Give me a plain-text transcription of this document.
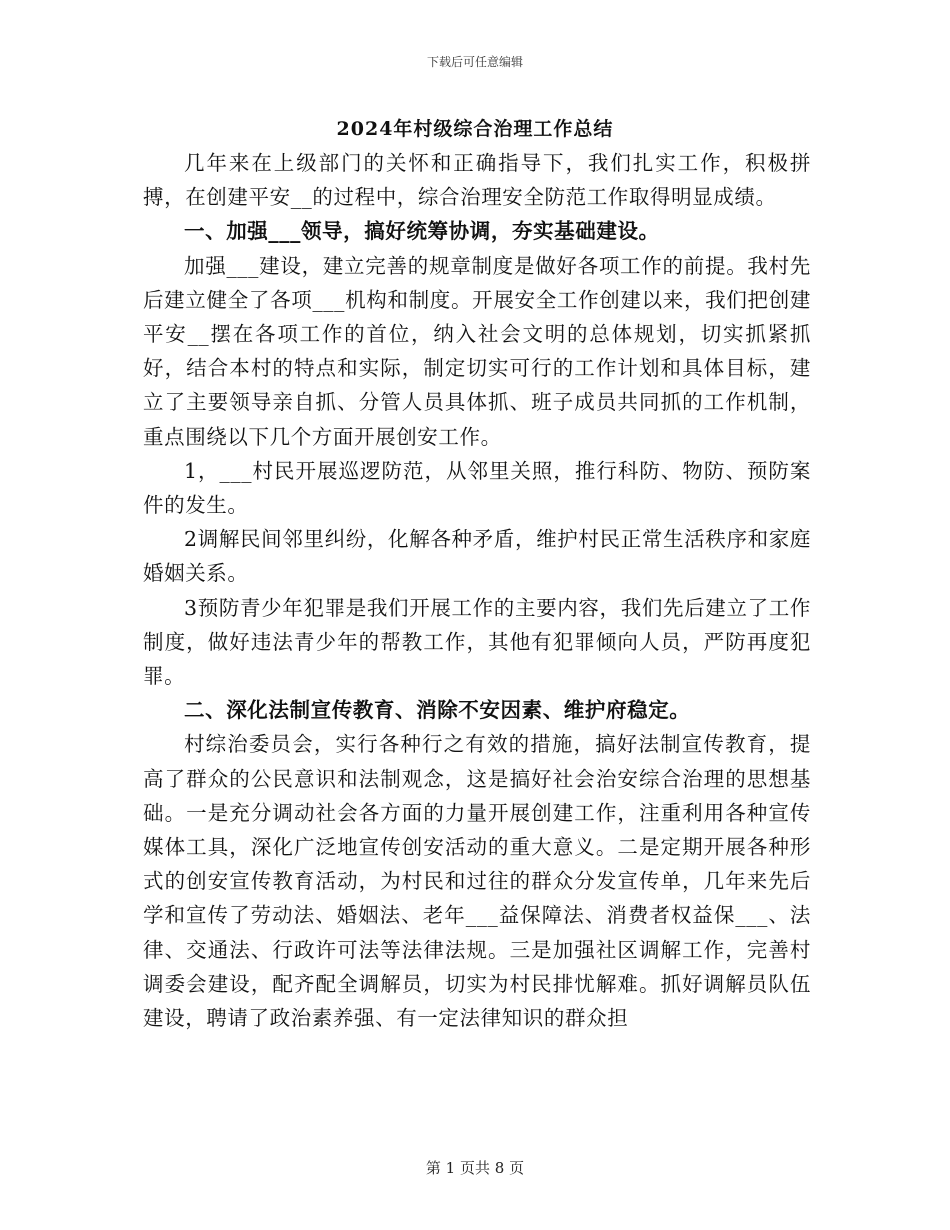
下载后可任意编辑
2024年村级综合治理工作总结

几年来在上级部门的关怀和正确指导下，我们扎实工作，积极拼搏，在创建平安__的过程中，综合治理安全防范工作取得明显成绩。

一、加强___领导，搞好统筹协调，夯实基础建设。

加强___建设，建立完善的规章制度是做好各项工作的前提。我村先后建立健全了各项___机构和制度。开展安全工作创建以来，我们把创建平安__摆在各项工作的首位，纳入社会文明的总体规划，切实抓紧抓好，结合本村的特点和实际，制定切实可行的工作计划和具体目标，建立了主要领导亲自抓、分管人员具体抓、班子成员共同抓的工作机制，重点围绕以下几个方面开展创安工作。

1，___村民开展巡逻防范，从邻里关照，推行科防、物防、预防案件的发生。

2调解民间邻里纠纷，化解各种矛盾，维护村民正常生活秩序和家庭婚姻关系。

3预防青少年犯罪是我们开展工作的主要内容，我们先后建立了工作制度，做好违法青少年的帮教工作，其他有犯罪倾向人员，严防再度犯罪。

二、深化法制宣传教育、消除不安因素、维护府稳定。

村综治委员会，实行各种行之有效的措施，搞好法制宣传教育，提高了群众的公民意识和法制观念，这是搞好社会治安综合治理的思想基础。一是充分调动社会各方面的力量开展创建工作，注重利用各种宣传媒体工具，深化广泛地宣传创安活动的重大意义。二是定期开展各种形式的创安宣传教育活动，为村民和过往的群众分发宣传单，几年来先后学和宣传了劳动法、婚姻法、老年___益保障法、消费者权益保___、法律、交通法、行政许可法等法律法规。三是加强社区调解工作，完善村调委会建设，配齐配全调解员，切实为村民排忧解难。抓好调解员队伍建设，聘请了政治素养强、有一定法律知识的群众担

第 1 页共 8 页
